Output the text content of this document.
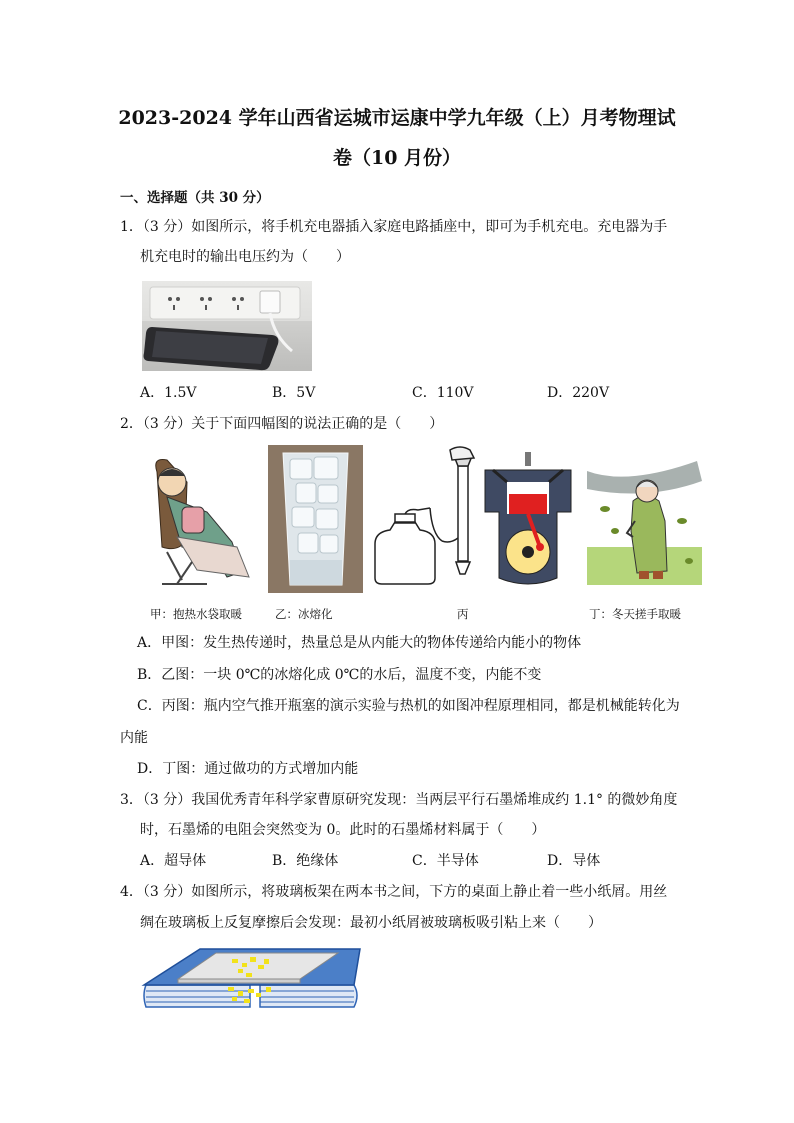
2023-2024 学年山西省运城市运康中学九年级（上）月考物理试
卷（10 月份）
一、选择题（共 30 分）
1．（3 分）如图所示，将手机充电器插入家庭电路插座中，即可为手机充电。充电器为手
机充电时的输出电压约为（　　）
A．1.5V	B．5V	C．110V	D．220V
2．（3 分）关于下面四幅图的说法正确的是（　　）
甲：抱热水袋取暖	乙：冰熔化	丙	丁：冬天搓手取暖
A．甲图：发生热传递时，热量总是从内能大的物体传递给内能小的物体
B．乙图：一块 0℃的冰熔化成 0℃的水后，温度不变，内能不变
C．丙图：瓶内空气推开瓶塞的演示实验与热机的如图冲程原理相同，都是机械能转化为
内能
D．丁图：通过做功的方式增加内能
3．（3 分）我国优秀青年科学家曹原研究发现：当两层平行石墨烯堆成约 1.1° 的微妙角度
时，石墨烯的电阻会突然变为 0。此时的石墨烯材料属于（　　）
A．超导体	B．绝缘体	C．半导体	D．导体
4．（3 分）如图所示，将玻璃板架在两本书之间，下方的桌面上静止着一些小纸屑。用丝
绸在玻璃板上反复摩擦后会发现：最初小纸屑被玻璃板吸引粘上来（　　）
